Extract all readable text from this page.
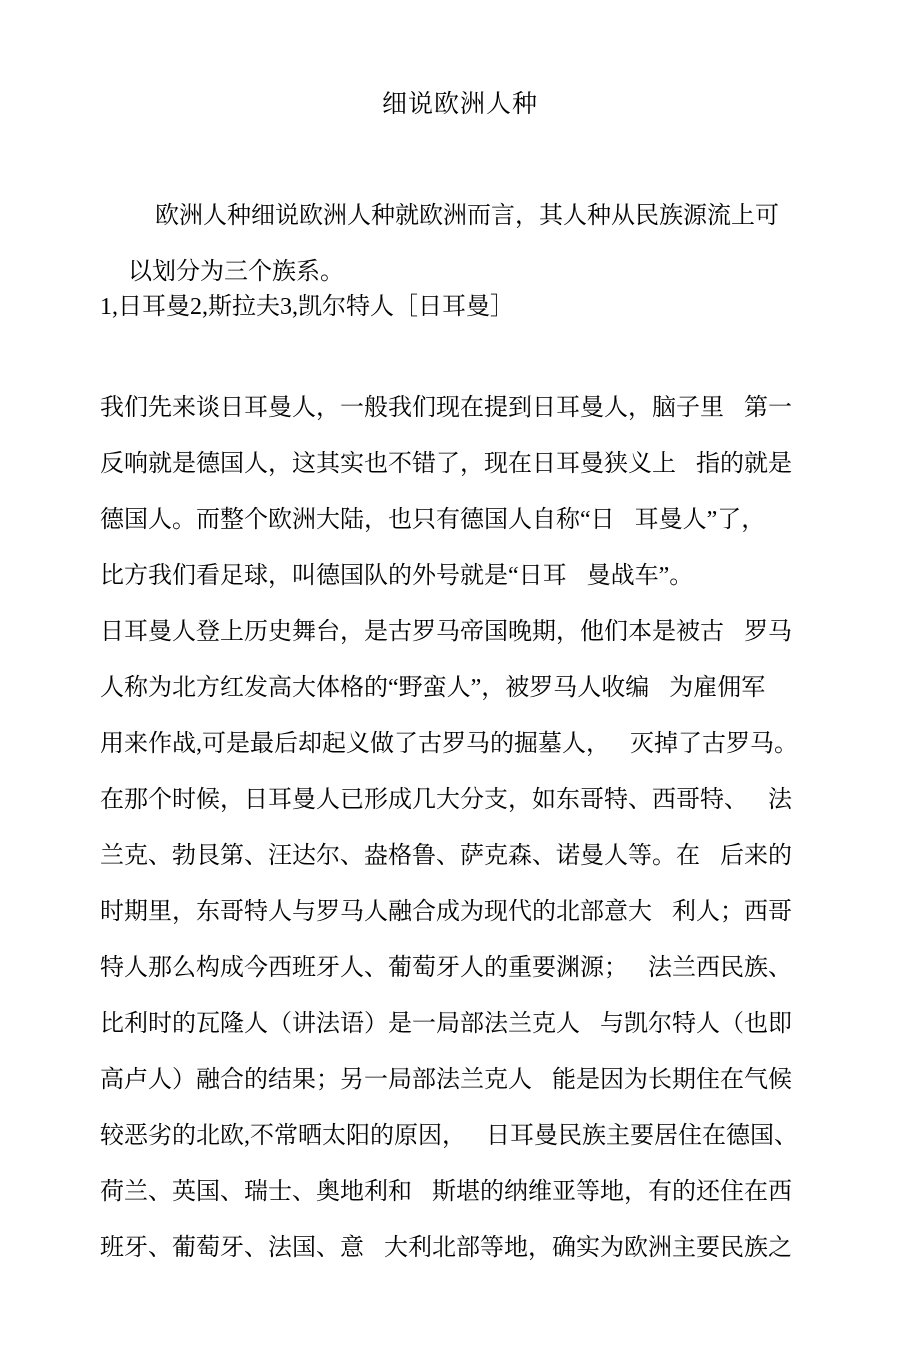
细说欧洲人种
欧洲人种细说欧洲人种就欧洲而言，其人种从民族源流上可
以划分为三个族系。
1,日耳曼2,斯拉夫3,凯尔特人［日耳曼］
我们先来谈日耳曼人，一般我们现在提到日耳曼人，脑子里 第一
反响就是德国人，这其实也不错了，现在日耳曼狭义上 指的就是
德国人。而整个欧洲大陆，也只有德国人自称“日 耳曼人”了，
比方我们看足球，叫德国队的外号就是“日耳 曼战车”。
日耳曼人登上历史舞台，是古罗马帝国晚期，他们本是被古 罗马
人称为北方红发高大体格的“野蛮人”，被罗马人收编 为雇佣军
用来作战,可是最后却起义做了古罗马的掘墓人， 灭掉了古罗马。
在那个时候，日耳曼人已形成几大分支，如东哥特、西哥特、 法
兰克、勃艮第、汪达尔、盎格鲁、萨克森、诺曼人等。在 后来的
时期里，东哥特人与罗马人融合成为现代的北部意大 利人；西哥
特人那么构成今西班牙人、葡萄牙人的重要渊源； 法兰西民族、
比利时的瓦隆人（讲法语）是一局部法兰克人 与凯尔特人（也即
高卢人）融合的结果；另一局部法兰克人 能是因为长期住在气候
较恶劣的北欧,不常晒太阳的原因， 日耳曼民族主要居住在德国、
荷兰、英国、瑞士、奥地利和 斯堪的纳维亚等地，有的还住在西
班牙、葡萄牙、法国、意 大利北部等地，确实为欧洲主要民族之
